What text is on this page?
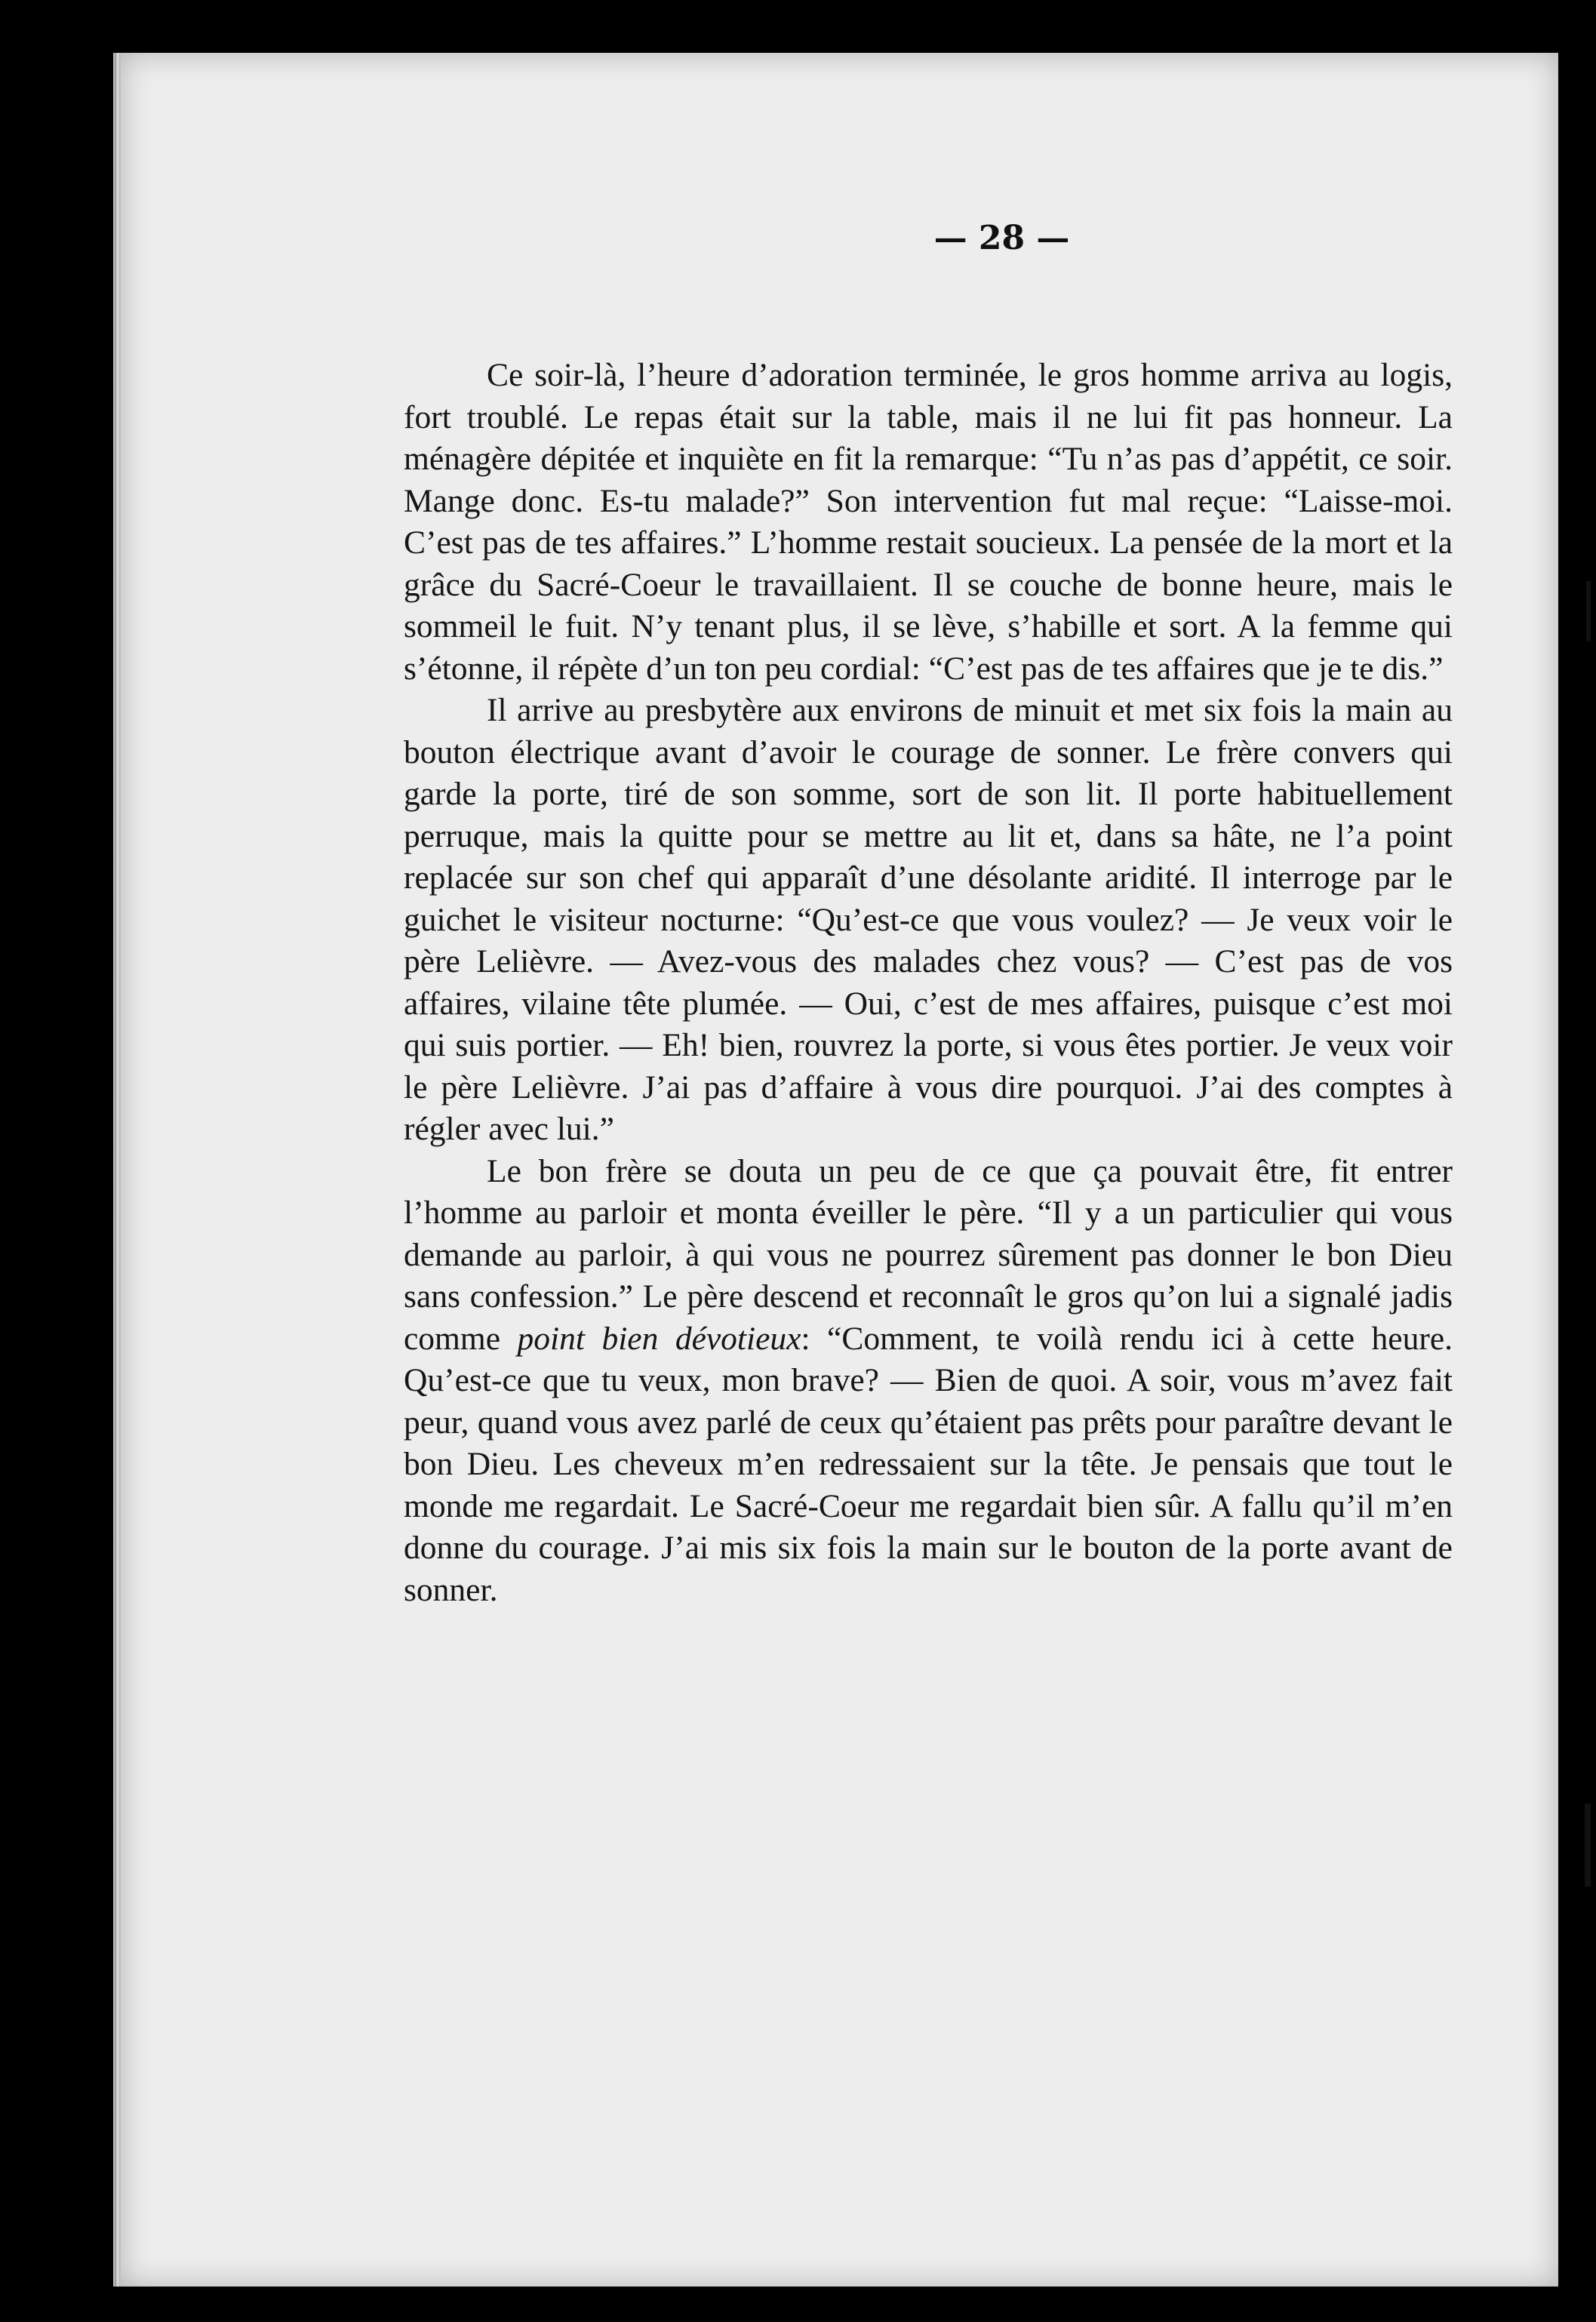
— 28 —

Ce soir-là, l’heure d’adoration terminée, le gros homme arriva au logis, fort troublé. Le repas était sur la table, mais il ne lui fit pas honneur. La ménagère dépitée et inquiète en fit la remarque: “Tu n’as pas d’appétit, ce soir. Mange donc. Es-tu malade?” Son intervention fut mal reçue: “Laisse-moi. C’est pas de tes affaires.” L’homme restait soucieux. La pensée de la mort et la grâce du Sacré-Coeur le travaillaient. Il se couche de bonne heure, mais le sommeil le fuit. N’y tenant plus, il se lève, s’habille et sort. A la femme qui s’étonne, il répète d’un ton peu cordial: “C’est pas de tes affaires que je te dis.”

Il arrive au presbytère aux environs de minuit et met six fois la main au bouton électrique avant d’avoir le courage de sonner. Le frère convers qui garde la porte, tiré de son somme, sort de son lit. Il porte habituellement perruque, mais la quitte pour se mettre au lit et, dans sa hâte, ne l’a point replacée sur son chef qui apparaît d’une désolante aridité. Il interroge par le guichet le visiteur nocturne: “Qu’est-ce que vous voulez? — Je veux voir le père Lelièvre. — Avez-vous des malades chez vous? — C’est pas de vos affaires, vilaine tête plumée. — Oui, c’est de mes affaires, puisque c’est moi qui suis portier. — Eh! bien, rouvrez la porte, si vous êtes portier. Je veux voir le père Lelièvre. J’ai pas d’affaire à vous dire pourquoi. J’ai des comptes à régler avec lui.”

Le bon frère se douta un peu de ce que ça pouvait être, fit entrer l’homme au parloir et monta éveiller le père. “Il y a un particulier qui vous demande au parloir, à qui vous ne pourrez sûrement pas donner le bon Dieu sans confession.” Le père descend et reconnaît le gros qu’on lui a signalé jadis comme point bien dévotieux: “Comment, te voilà rendu ici à cette heure. Qu’est-ce que tu veux, mon brave? — Bien de quoi. A soir, vous m’avez fait peur, quand vous avez parlé de ceux qu’étaient pas prêts pour paraître devant le bon Dieu. Les cheveux m’en redressaient sur la tête. Je pensais que tout le monde me regardait. Le Sacré-Coeur me regardait bien sûr. A fallu qu’il m’en donne du courage. J’ai mis six fois la main sur le bouton de la porte avant de sonner.
